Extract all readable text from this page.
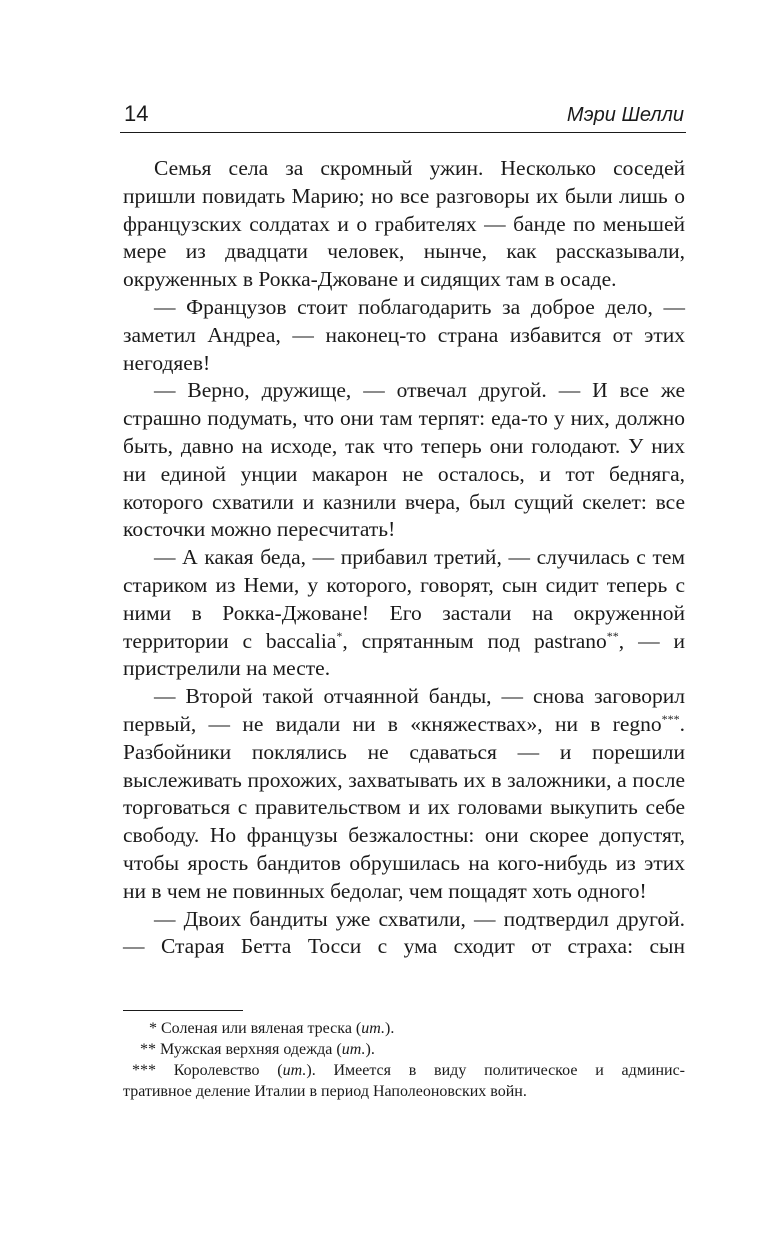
14	Мэри Шелли

Семья села за скромный ужин. Несколько соседей пришли повидать Марию; но все разговоры их были лишь о французских солдатах и о грабителях — банде по меньшей мере из двадцати человек, нынче, как рассказывали, окруженных в Рокка-Джоване и сидящих там в осаде.

— Французов стоит поблагодарить за доброе дело, — заметил Андреа, — наконец-то страна избавится от этих негодяев!

— Верно, дружище, — отвечал другой. — И все же страшно подумать, что они там терпят: еда-то у них, должно быть, давно на исходе, так что теперь они голодают. У них ни единой унции макарон не осталось, и тот бедняга, которого схватили и казнили вчера, был сущий скелет: все косточки можно пересчитать!

— А какая беда, — прибавил третий, — случилась с тем стариком из Неми, у которого, говорят, сын сидит теперь с ними в Рокка-Джоване! Его застали на окруженной территории с baccalia*, спрятанным под pastrano**, — и пристрелили на месте.

— Второй такой отчаянной банды, — снова заговорил первый, — не видали ни в «княжествах», ни в regno***. Разбойники поклялись не сдаваться — и порешили выслеживать прохожих, захватывать их в заложники, а после торговаться с правительством и их головами выкупить себе свободу. Но французы безжалостны: они скорее допустят, чтобы ярость бандитов обрушилась на кого-нибудь из этих ни в чем не повинных бедолаг, чем пощадят хоть одного!

— Двоих бандиты уже схватили, — подтвердил другой. — Старая Бетта Тосси с ума сходит от страха: сын

* Соленая или вяленая треска (ит.).

** Мужская верхняя одежда (ит.).

*** Королевство (ит.). Имеется в виду политическое и админис-

тративное деление Италии в период Наполеоновских войн.
